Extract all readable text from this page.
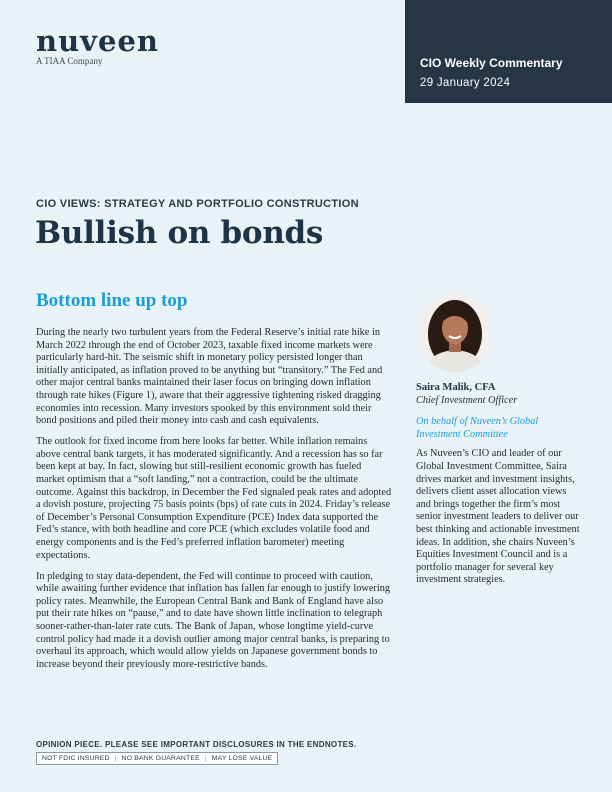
nuveen
A TIAA Company	CIO Weekly Commentary
29 January 2024
CIO VIEWS: STRATEGY AND PORTFOLIO CONSTRUCTION
Bullish on bonds
Bottom line up top

During the nearly two turbulent years from the Federal Reserve’s initial rate hike in March 2022 through the end of October 2023, taxable fixed income markets were particularly hard-hit. The seismic shift in monetary policy persisted longer than initially anticipated, as inflation proved to be anything but “transitory.” The Fed and other major central banks maintained their laser focus on bringing down inflation through rate hikes (Figure 1), aware that their aggressive tightening risked dragging economies into recession. Many investors spooked by this environment sold their bond positions and piled their money into cash and cash equivalents.

The outlook for fixed income from here looks far better. While inflation remains above central bank targets, it has moderated significantly. And a recession has so far been kept at bay. In fact, slowing but still-resilient economic growth has fueled market optimism that a “soft landing,” not a contraction, could be the ultimate outcome. Against this backdrop, in December the Fed signaled peak rates and adopted a dovish posture, projecting 75 basis points (bps) of rate cuts in 2024. Friday’s release of December’s Personal Consumption Expenditure (PCE) Index data supported the Fed’s stance, with both headline and core PCE (which excludes volatile food and energy components and is the Fed’s preferred inflation barometer) meeting expectations.

In pledging to stay data-dependent, the Fed will continue to proceed with caution, while awaiting further evidence that inflation has fallen far enough to justify lowering policy rates. Meanwhile, the European Central Bank and Bank of England have also put their rate hikes on “pause,” and to date have shown little inclination to telegraph sooner-rather-than-later rate cuts. The Bank of Japan, whose longtime yield-curve control policy had made it a dovish outlier among major central banks, is preparing to overhaul its approach, which would allow yields on Japanese government bonds to increase beyond their previously more-restrictive bands.

Saira Malik, CFA
Chief Investment Officer
On behalf of Nuveen’s Global Investment Committee
As Nuveen’s CIO and leader of our Global Investment Committee, Saira drives market and investment insights, delivers client asset allocation views and brings together the firm’s most senior investment leaders to deliver our best thinking and actionable investment ideas. In addition, she chairs Nuveen’s Equities Investment Council and is a portfolio manager for several key investment strategies.
OPINION PIECE. PLEASE SEE IMPORTANT DISCLOSURES IN THE ENDNOTES.
NOT FDIC INSURED | NO BANK GUARANTEE | MAY LOSE VALUE
